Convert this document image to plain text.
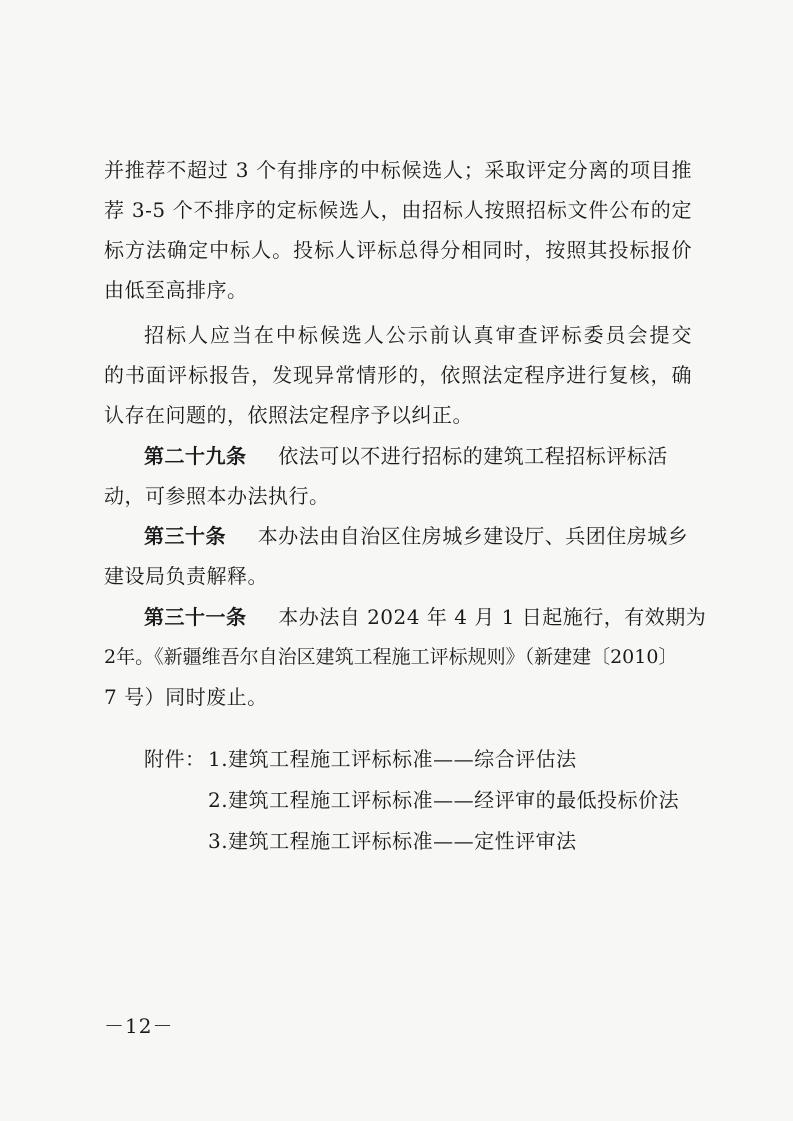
并推荐不超过 3 个有排序的中标候选人；采取评定分离的项目推
荐 3-5 个不排序的定标候选人，由招标人按照招标文件公布的定
标方法确定中标人。投标人评标总得分相同时，按照其投标报价
由低至高排序。
招标人应当在中标候选人公示前认真审查评标委员会提交
的书面评标报告，发现异常情形的，依照法定程序进行复核，确
认存在问题的，依照法定程序予以纠正。
第二十九条 依法可以不进行招标的建筑工程招标评标活
动，可参照本办法执行。
第三十条 本办法由自治区住房城乡建设厅、兵团住房城乡
建设局负责解释。
第三十一条 本办法自 2024 年 4 月 1 日起施行，有效期为
2年。《新疆维吾尔自治区建筑工程施工评标规则》（新建建〔2010〕
7 号）同时废止。
附件： 1.建筑工程施工评标标准——综合评估法
2.建筑工程施工评标标准——经评审的最低投标价法
3.建筑工程施工评标标准——定性评审法
－12－
